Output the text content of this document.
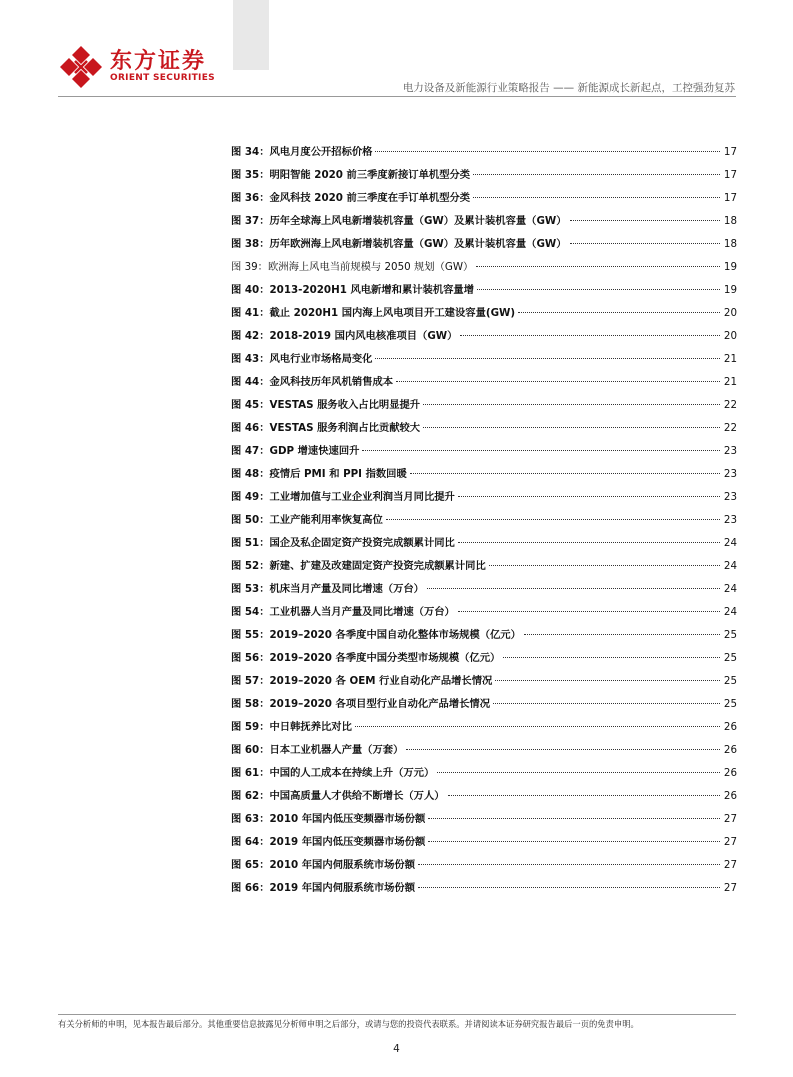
东方证券
ORIENT SECURITIES
电力设备及新能源行业策略报告 —— 新能源成长新起点，工控强劲复苏
图 34：风电月度公开招标价格	17
图 35：明阳智能 2020 前三季度新接订单机型分类	17
图 36：金风科技 2020 前三季度在手订单机型分类	17
图 37：历年全球海上风电新增装机容量（GW）及累计装机容量（GW）	18
图 38：历年欧洲海上风电新增装机容量（GW）及累计装机容量（GW）	18
图 39：欧洲海上风电当前规模与 2050 规划（GW）	19
图 40：2013-2020H1 风电新增和累计装机容量增	19
图 41：截止 2020H1 国内海上风电项目开工建设容量(GW)	20
图 42：2018-2019 国内风电核准项目（GW）	20
图 43：风电行业市场格局变化	21
图 44：金风科技历年风机销售成本	21
图 45：VESTAS 服务收入占比明显提升	22
图 46：VESTAS 服务利润占比贡献较大	22
图 47：GDP 增速快速回升	23
图 48：疫情后 PMI 和 PPI 指数回暖	23
图 49：工业增加值与工业企业利润当月同比提升	23
图 50：工业产能利用率恢复高位	23
图 51：国企及私企固定资产投资完成额累计同比	24
图 52：新建、扩建及改建固定资产投资完成额累计同比	24
图 53：机床当月产量及同比增速（万台）	24
图 54：工业机器人当月产量及同比增速（万台）	24
图 55：2019–2020 各季度中国自动化整体市场规模（亿元）	25
图 56：2019–2020 各季度中国分类型市场规模（亿元）	25
图 57：2019–2020 各 OEM 行业自动化产品增长情况	25
图 58：2019–2020 各项目型行业自动化产品增长情况	25
图 59：中日韩抚养比对比	26
图 60：日本工业机器人产量（万套）	26
图 61：中国的人工成本在持续上升（万元）	26
图 62：中国高质量人才供给不断增长（万人）	26
图 63：2010 年国内低压变频器市场份额	27
图 64：2019 年国内低压变频器市场份额	27
图 65：2010 年国内伺服系统市场份额	27
图 66：2019 年国内伺服系统市场份额	27
有关分析师的申明，见本报告最后部分。其他重要信息披露见分析师申明之后部分，或请与您的投资代表联系。并请阅读本证券研究报告最后一页的免责申明。
4
